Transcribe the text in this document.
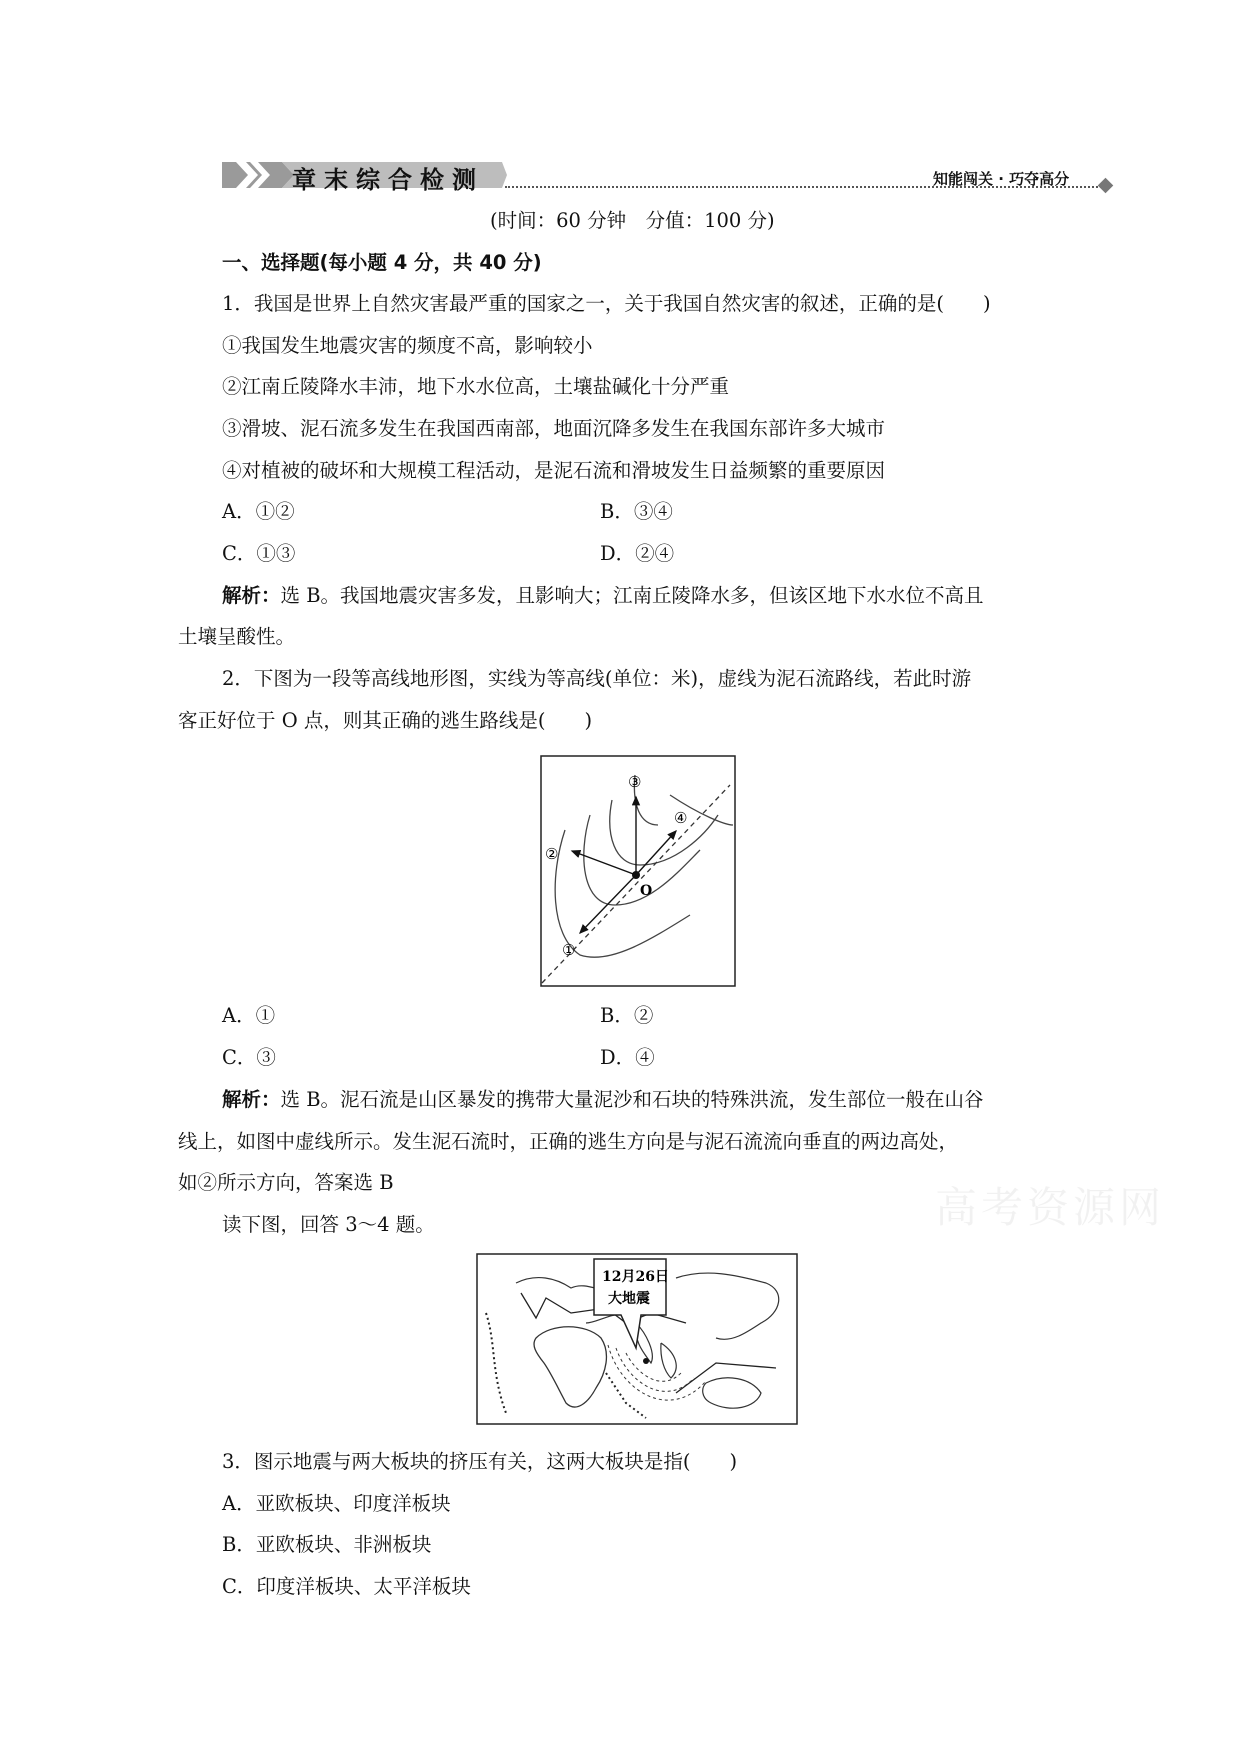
章末综合检测	知能闯关 · 巧夺高分
(时间：60 分钟　分值：100 分)
一、选择题(每小题 4 分，共 40 分)
1．我国是世界上自然灾害最严重的国家之一，关于我国自然灾害的叙述，正确的是(　　)
①我国发生地震灾害的频度不高，影响较小
②江南丘陵降水丰沛，地下水水位高，土壤盐碱化十分严重
③滑坡、泥石流多发生在我国西南部，地面沉降多发生在我国东部许多大城市
④对植被的破坏和大规模工程活动，是泥石流和滑坡发生日益频繁的重要原因
A．①②	B．③④
C．①③	D．②④
解析：选 B。我国地震灾害多发，且影响大；江南丘陵降水多，但该区地下水水位不高且
土壤呈酸性。
2．下图为一段等高线地形图，实线为等高线(单位：米)，虚线为泥石流路线，若此时游
客正好位于 O 点，则其正确的逃生路线是(　　)
O
①
②
③
④
A．①	B．②
C．③	D．④
解析：选 B。泥石流是山区暴发的携带大量泥沙和石块的特殊洪流，发生部位一般在山谷
线上，如图中虚线所示。发生泥石流时，正确的逃生方向是与泥石流流向垂直的两边高处，
如②所示方向，答案选 B
高考资源网
读下图，回答 3～4 题。
12月26日
大地震
3．图示地震与两大板块的挤压有关，这两大板块是指(　　)
A．亚欧板块、印度洋板块
B．亚欧板块、非洲板块
C．印度洋板块、太平洋板块
